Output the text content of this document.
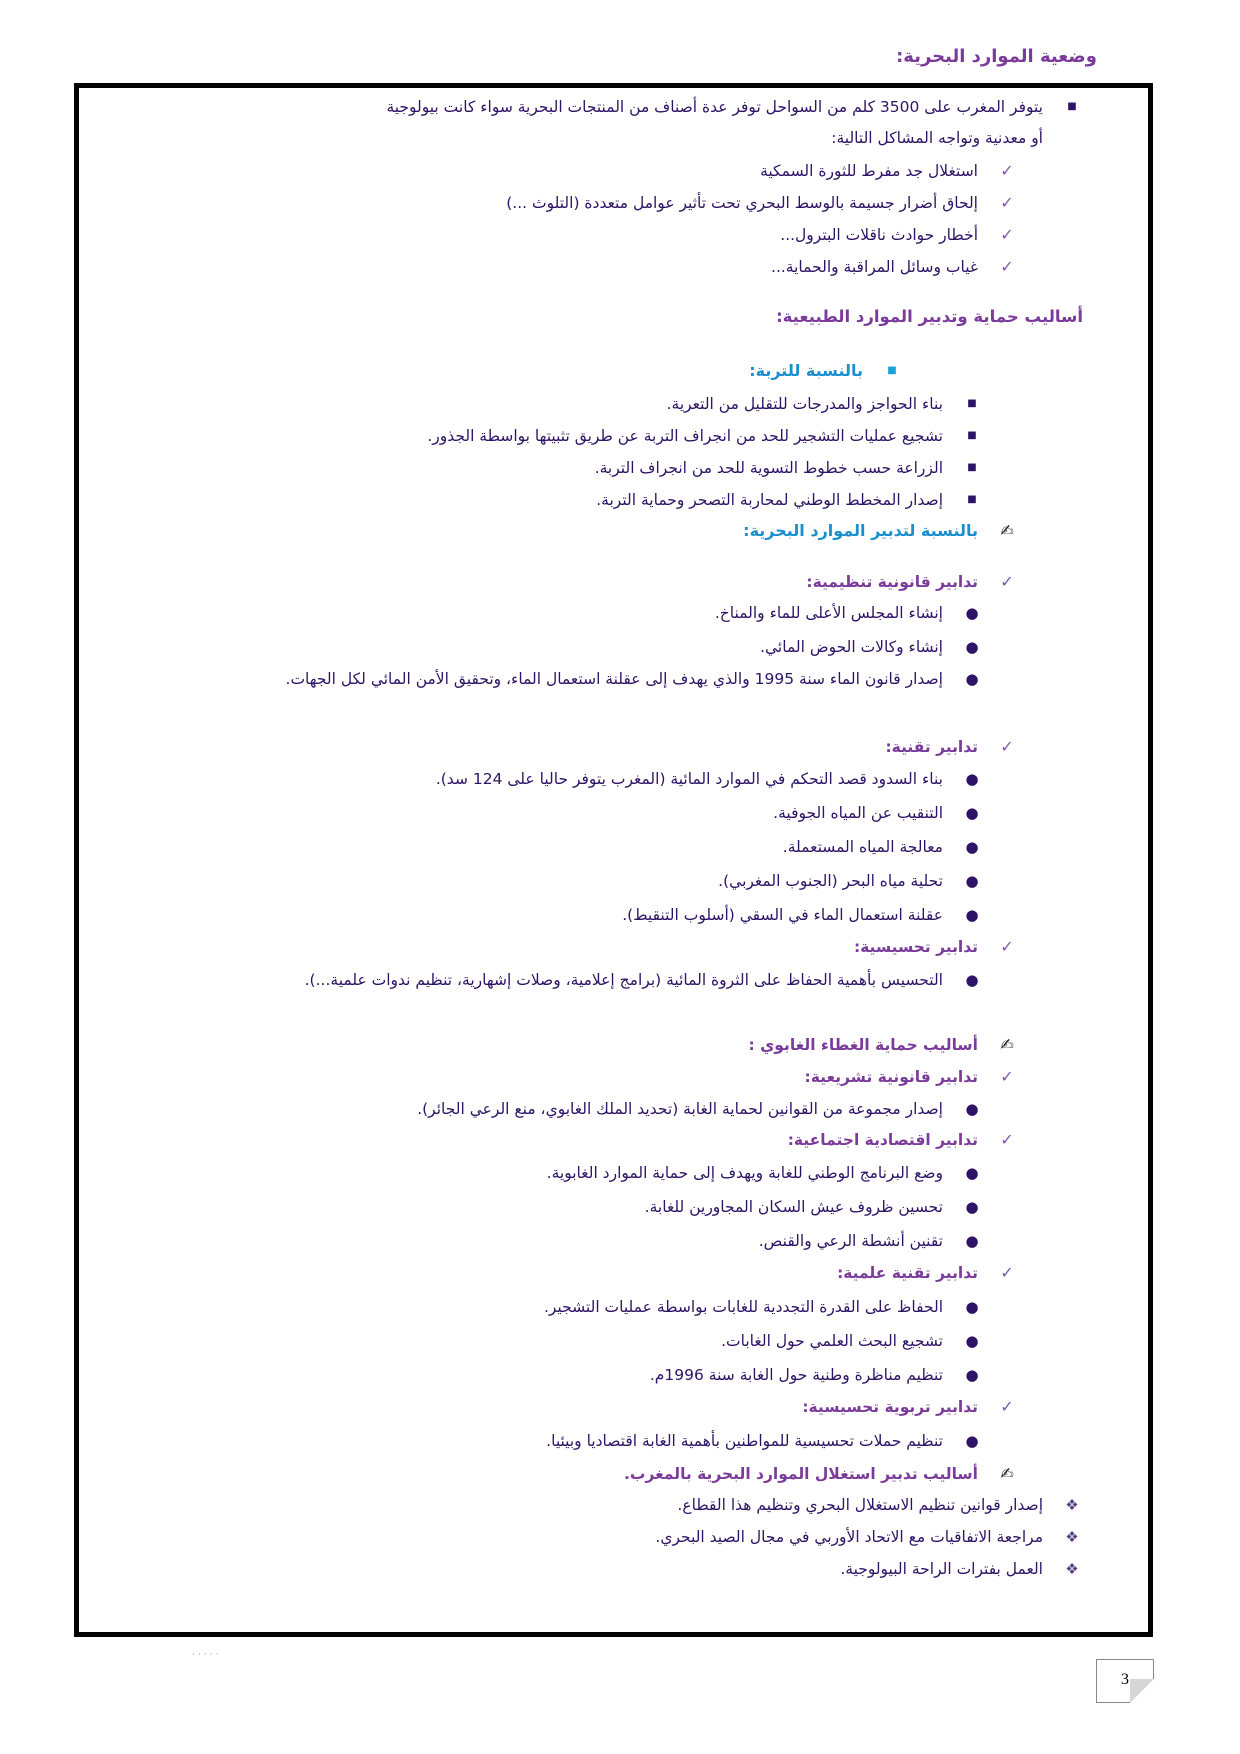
وضعية الموارد البحرية:
■
يتوفر المغرب على 3500 كلم من السواحل توفر عدة أصناف من المنتجات البحرية سواء كانت بيولوجية
أو معدنية وتواجه المشاكل التالية:
✓
استغلال جد مفرط للثورة السمكية
✓
إلحاق أضرار جسيمة بالوسط البحري تحت تأثير عوامل متعددة (التلوث ...)
✓
أخطار حوادث ناقلات البترول...
✓
غياب وسائل المراقبة والحماية...
أساليب حماية وتدبير الموارد الطبيعية:
■
بالنسبة للتربة:
■
بناء الحواجز والمدرجات للتقليل من التعرية.
■
تشجيع عمليات التشجير للحد من انجراف التربة عن طريق تثبيتها بواسطة الجذور.
■
الزراعة حسب خطوط التسوية للحد من انجراف التربة.
■
إصدار المخطط الوطني لمحاربة التصحر وحماية التربة.
✍
بالنسبة لتدبير الموارد البحرية:
✓
تدابير قانونية تنظيمية:
●
إنشاء المجلس الأعلى للماء والمناخ.
●
إنشاء وكالات الحوض المائي.
●
إصدار قانون الماء سنة 1995 والذي يهدف إلى عقلنة استعمال الماء، وتحقيق الأمن المائي لكل الجهات.
✓
تدابير تقنية:
●
بناء السدود قصد التحكم في الموارد المائية (المغرب يتوفر حاليا على 124 سد).
●
التنقيب عن المياه الجوفية.
●
معالجة المياه المستعملة.
●
تحلية مياه البحر (الجنوب المغربي).
●
عقلنة استعمال الماء في السقي (أسلوب التنقيط).
✓
تدابير تحسيسية:
●
التحسيس بأهمية الحفاظ على الثروة المائية (برامج إعلامية، وصلات إشهارية، تنظيم ندوات علمية...).
✍
أساليب حماية الغطاء الغابوي :
✓
تدابير قانونية تشريعية:
●
إصدار مجموعة من القوانين لحماية الغابة (تحديد الملك الغابوي، منع الرعي الجائر).
✓
تدابير اقتصادية اجتماعية:
●
وضع البرنامج الوطني للغابة ويهدف إلى حماية الموارد الغابوية.
●
تحسين ظروف عيش السكان المجاورين للغابة.
●
تقنين أنشطة الرعي والقنص.
✓
تدابير تقنية علمية:
●
الحفاظ على القدرة التجددية للغابات بواسطة عمليات التشجير.
●
تشجيع البحث العلمي حول الغابات.
●
تنظيم مناظرة وطنية حول الغابة سنة 1996م.
✓
تدابير تربوية تحسيسية:
●
تنظيم حملات تحسيسية للمواطنين بأهمية الغابة اقتصاديا وبيئيا.
✍
أساليب تدبير استغلال الموارد البحرية بالمغرب.
❖
إصدار قوانين تنظيم الاستغلال البحري وتنظيم هذا القطاع.
❖
مراجعة الاتفاقيات مع الاتحاد الأوربي في مجال الصيد البحري.
❖
العمل بفترات الراحة البيولوجية.
·····
3
